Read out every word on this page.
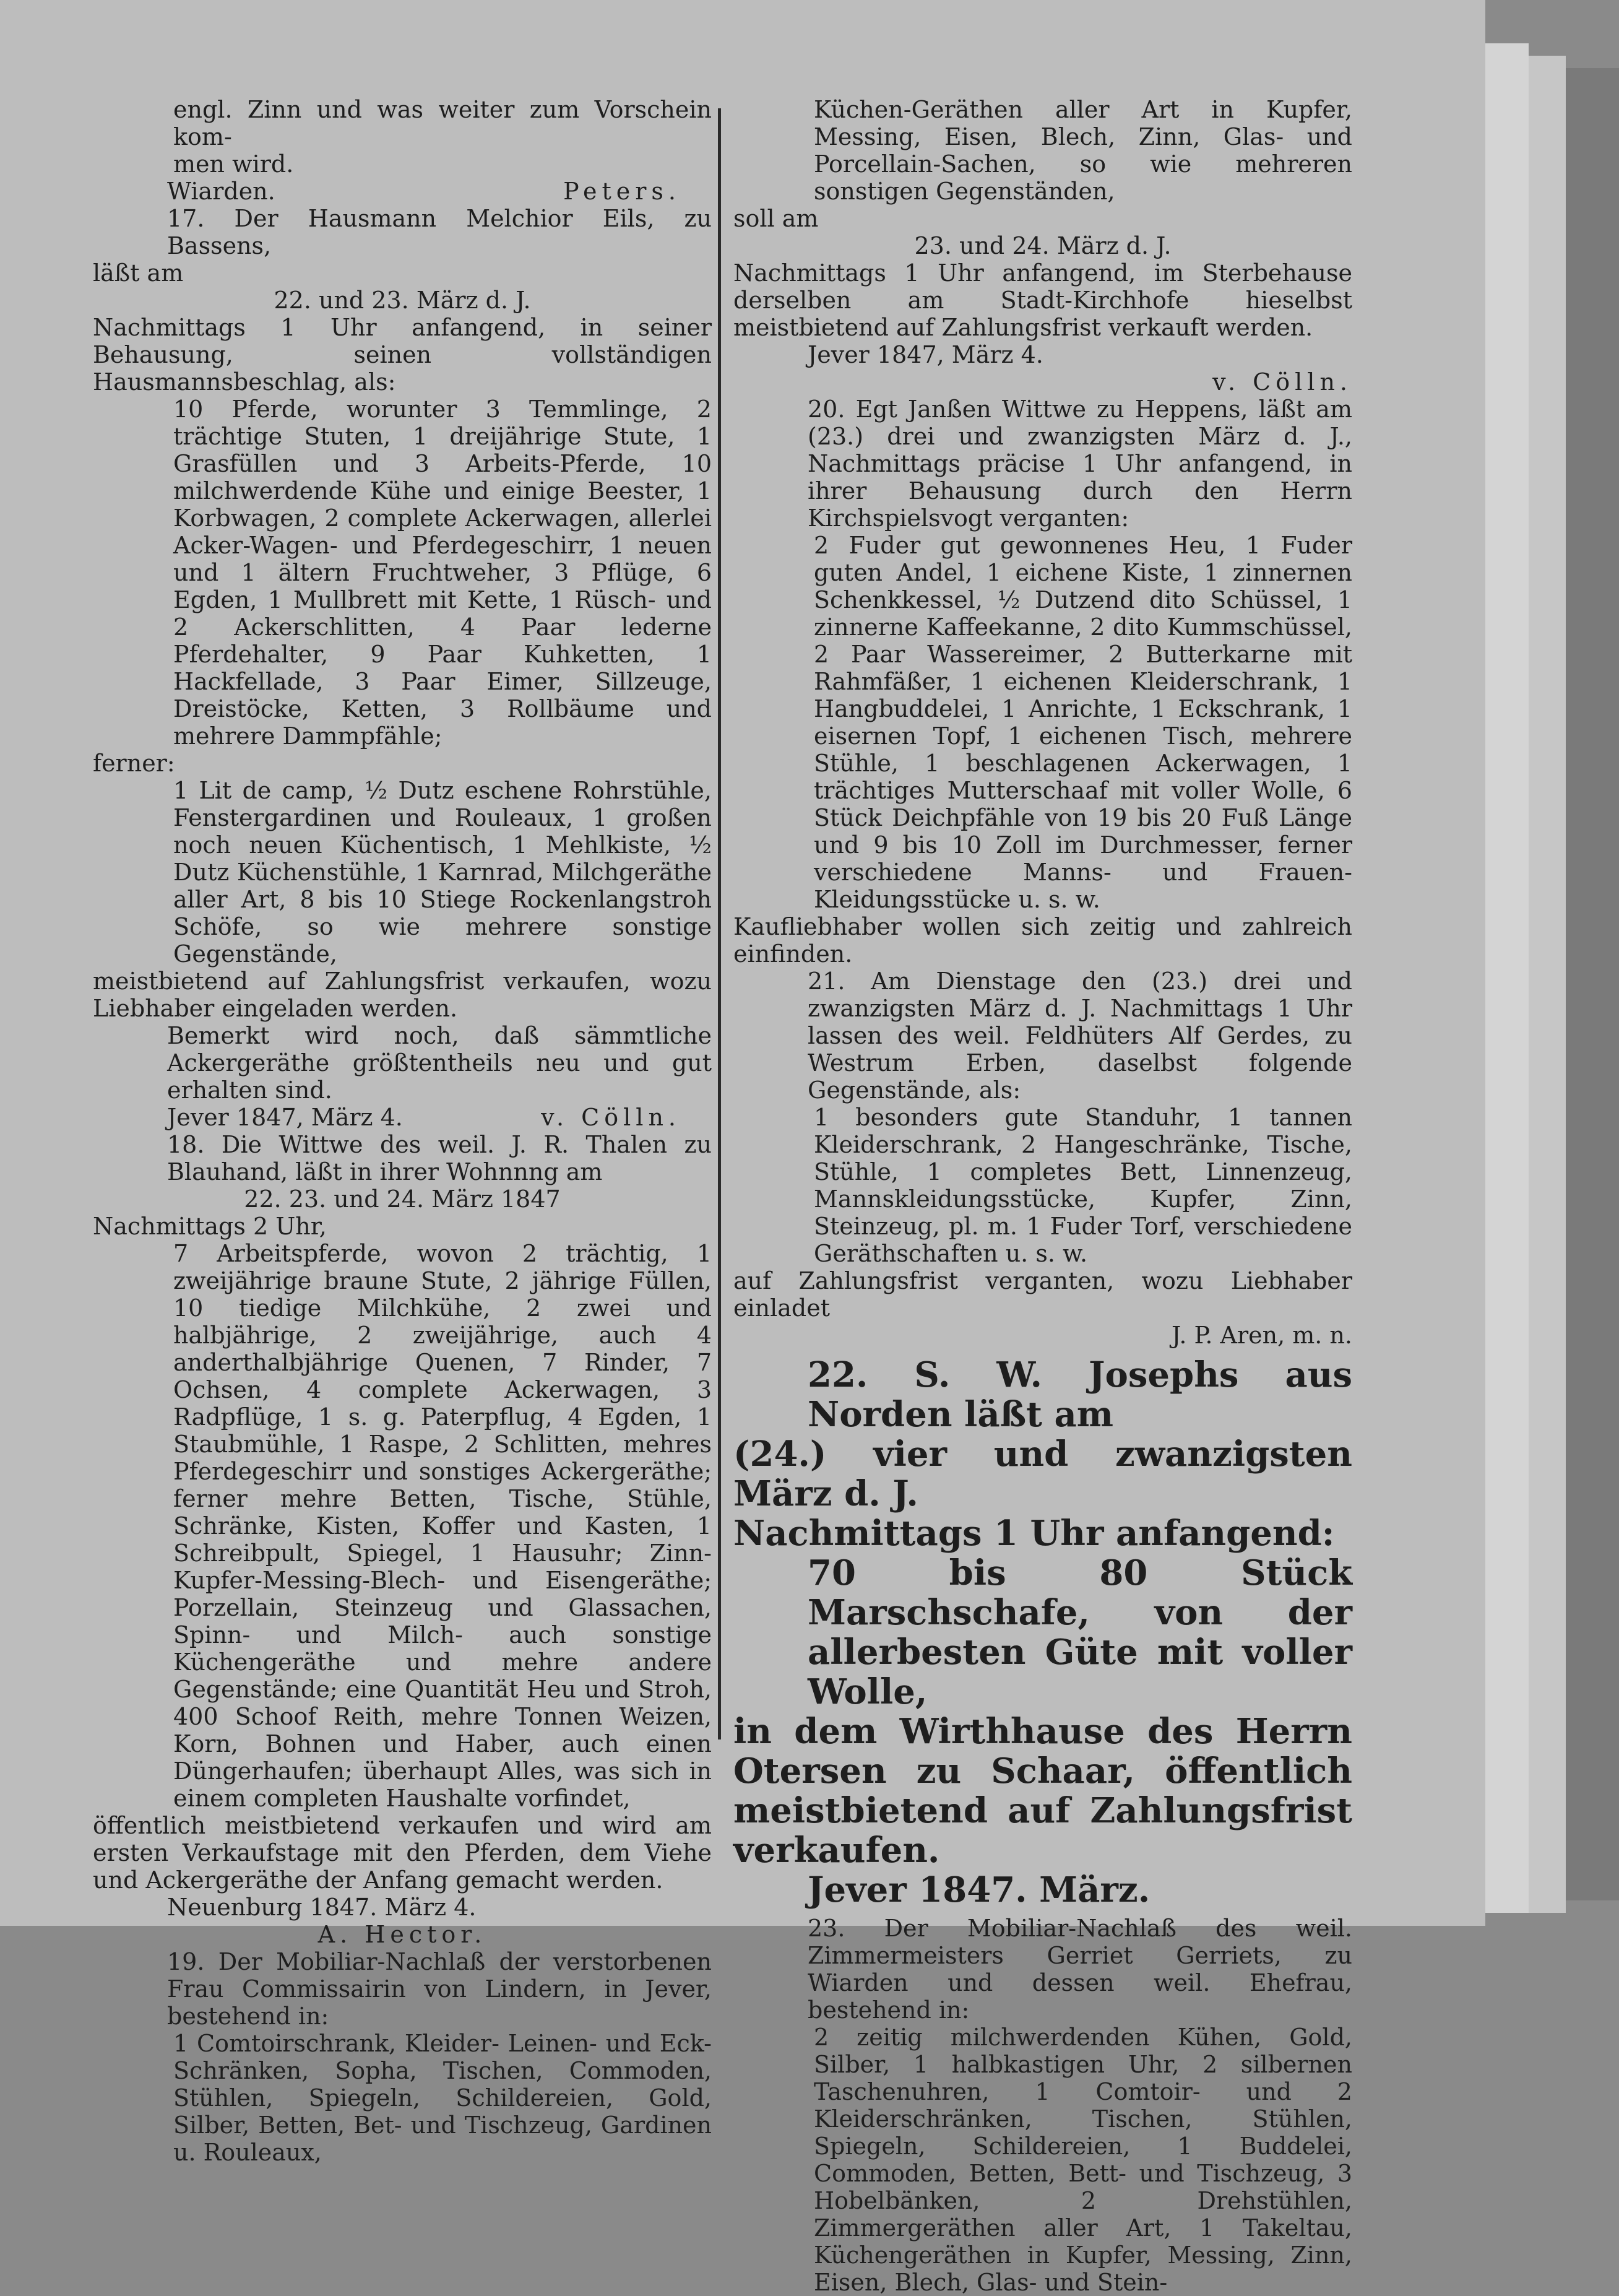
engl. Zinn und was weiter zum Vorschein kom-

men wird.

Wiarden.	Peters.

17. Der Hausmann Melchior Eils, zu Bassens,

läßt am

22. und 23. März d. J.

Nachmittags 1 Uhr anfangend, in seiner Behausung, seinen vollständigen Hausmannsbeschlag, als:

10 Pferde, worunter 3 Temmlinge, 2 trächtige Stuten, 1 dreijährige Stute, 1 Grasfüllen und 3 Arbeits-Pferde, 10 milchwerdende Kühe und einige Beester, 1 Korbwagen, 2 complete Ackerwagen, allerlei Acker-Wagen- und Pferdegeschirr, 1 neuen und 1 ältern Fruchtweher, 3 Pflüge, 6 Egden, 1 Mullbrett mit Kette, 1 Rüsch- und 2 Ackerschlitten, 4 Paar lederne Pferdehalter, 9 Paar Kuhketten, 1 Hackfellade, 3 Paar Eimer, Sillzeuge, Dreistöcke, Ketten, 3 Rollbäume und mehrere Dammpfähle;

ferner:

1 Lit de camp, ½ Dutz eschene Rohrstühle, Fenstergardinen und Rouleaux, 1 großen noch neuen Küchentisch, 1 Mehlkiste, ½ Dutz Küchenstühle, 1 Karnrad, Milchgeräthe aller Art, 8 bis 10 Stiege Rockenlangstroh Schöfe, so wie mehrere sonstige Gegenstände,

meistbietend auf Zahlungsfrist verkaufen, wozu Liebhaber eingeladen werden.

Bemerkt wird noch, daß sämmtliche Ackergeräthe größtentheils neu und gut erhalten sind.

Jever 1847, März 4.	v. Cölln.

18. Die Wittwe des weil. J. R. Thalen zu Blauhand, läßt in ihrer Wohnnng am

22. 23. und 24. März 1847

Nachmittags 2 Uhr,

7 Arbeitspferde, wovon 2 trächtig, 1 zweijährige braune Stute, 2 jährige Füllen, 10 tiedige Milchkühe, 2 zwei und halbjährige, 2 zweijährige, auch 4 anderthalbjährige Quenen, 7 Rinder, 7 Ochsen, 4 complete Ackerwagen, 3 Radpflüge, 1 s. g. Paterpflug, 4 Egden, 1 Staubmühle, 1 Raspe, 2 Schlitten, mehres Pferdegeschirr und sonstiges Ackergeräthe; ferner mehre Betten, Tische, Stühle, Schränke, Kisten, Koffer und Kasten, 1 Schreibpult, Spiegel, 1 Hausuhr; Zinn-Kupfer-Messing-Blech- und Eisengeräthe; Porzellain, Steinzeug und Glassachen, Spinn- und Milch- auch sonstige Küchengeräthe und mehre andere Gegenstände; eine Quantität Heu und Stroh, 400 Schoof Reith, mehre Tonnen Weizen, Korn, Bohnen und Haber, auch einen Düngerhaufen; überhaupt Alles, was sich in einem completen Haushalte vorfindet,

öffentlich meistbietend verkaufen und wird am ersten Verkaufstage mit den Pferden, dem Viehe und Ackergeräthe der Anfang gemacht werden.

Neuenburg 1847. März 4.

A. Hector.

19. Der Mobiliar-Nachlaß der verstorbenen Frau Commissairin von Lindern, in Jever, bestehend in:

1 Comtoirschrank, Kleider- Leinen- und Eck-Schränken, Sopha, Tischen, Commoden, Stühlen, Spiegeln, Schildereien, Gold, Silber, Betten, Bet- und Tischzeug, Gardinen u. Rouleaux,

Küchen-Geräthen aller Art in Kupfer, Messing, Eisen, Blech, Zinn, Glas- und Porcellain-Sachen, so wie mehreren sonstigen Gegenständen,

soll am

23. und 24. März d. J.

Nachmittags 1 Uhr anfangend, im Sterbehause derselben am Stadt-Kirchhofe hieselbst meistbietend auf Zahlungsfrist verkauft werden.

Jever 1847, März 4.

v. Cölln.

20. Egt Janßen Wittwe zu Heppens, läßt am (23.) drei und zwanzigsten März d. J., Nachmittags präcise 1 Uhr anfangend, in ihrer Behausung durch den Herrn Kirchspielsvogt verganten:

2 Fuder gut gewonnenes Heu, 1 Fuder guten Andel, 1 eichene Kiste, 1 zinnernen Schenkkessel, ½ Dutzend dito Schüssel, 1 zinnerne Kaffeekanne, 2 dito Kummschüssel, 2 Paar Wassereimer, 2 Butterkarne mit Rahmfäßer, 1 eichenen Kleiderschrank, 1 Hangbuddelei, 1 Anrichte, 1 Eckschrank, 1 eisernen Topf, 1 eichenen Tisch, mehrere Stühle, 1 beschlagenen Ackerwagen, 1 trächtiges Mutterschaaf mit voller Wolle, 6 Stück Deichpfähle von 19 bis 20 Fuß Länge und 9 bis 10 Zoll im Durchmesser, ferner verschiedene Manns- und Frauen-Kleidungsstücke u. s. w.

Kaufliebhaber wollen sich zeitig und zahlreich einfinden.

21. Am Dienstage den (23.) drei und zwanzigsten März d. J. Nachmittags 1 Uhr lassen des weil. Feldhüters Alf Gerdes, zu Westrum Erben, daselbst folgende Gegenstände, als:

1 besonders gute Standuhr, 1 tannen Kleiderschrank, 2 Hangeschränke, Tische, Stühle, 1 completes Bett, Linnenzeug, Mannskleidungsstücke, Kupfer, Zinn, Steinzeug, pl. m. 1 Fuder Torf, verschiedene Geräthschaften u. s. w.

auf Zahlungsfrist verganten, wozu Liebhaber einladet

J. P. Aren, m. n.

22. S. W. Josephs aus Norden läßt am

(24.) vier und zwanzigsten März d. J.

Nachmittags 1 Uhr anfangend:

70 bis 80 Stück Marschschafe, von der allerbesten Güte mit voller Wolle,

in dem Wirthhause des Herrn Otersen zu Schaar, öffentlich meistbietend auf Zahlungsfrist verkaufen.

Jever 1847. März.

23. Der Mobiliar-Nachlaß des weil. Zimmermeisters Gerriet Gerriets, zu Wiarden und dessen weil. Ehefrau, bestehend in:

2 zeitig milchwerdenden Kühen, Gold, Silber, 1 halbkastigen Uhr, 2 silbernen Taschenuhren, 1 Comtoir- und 2 Kleiderschränken, Tischen, Stühlen, Spiegeln, Schildereien, 1 Buddelei, Commoden, Betten, Bett- und Tischzeug, 3 Hobelbänken, 2 Drehstühlen, Zimmergeräthen aller Art, 1 Takeltau, Küchengeräthen in Kupfer, Messing, Zinn, Eisen, Blech, Glas- und Stein-
